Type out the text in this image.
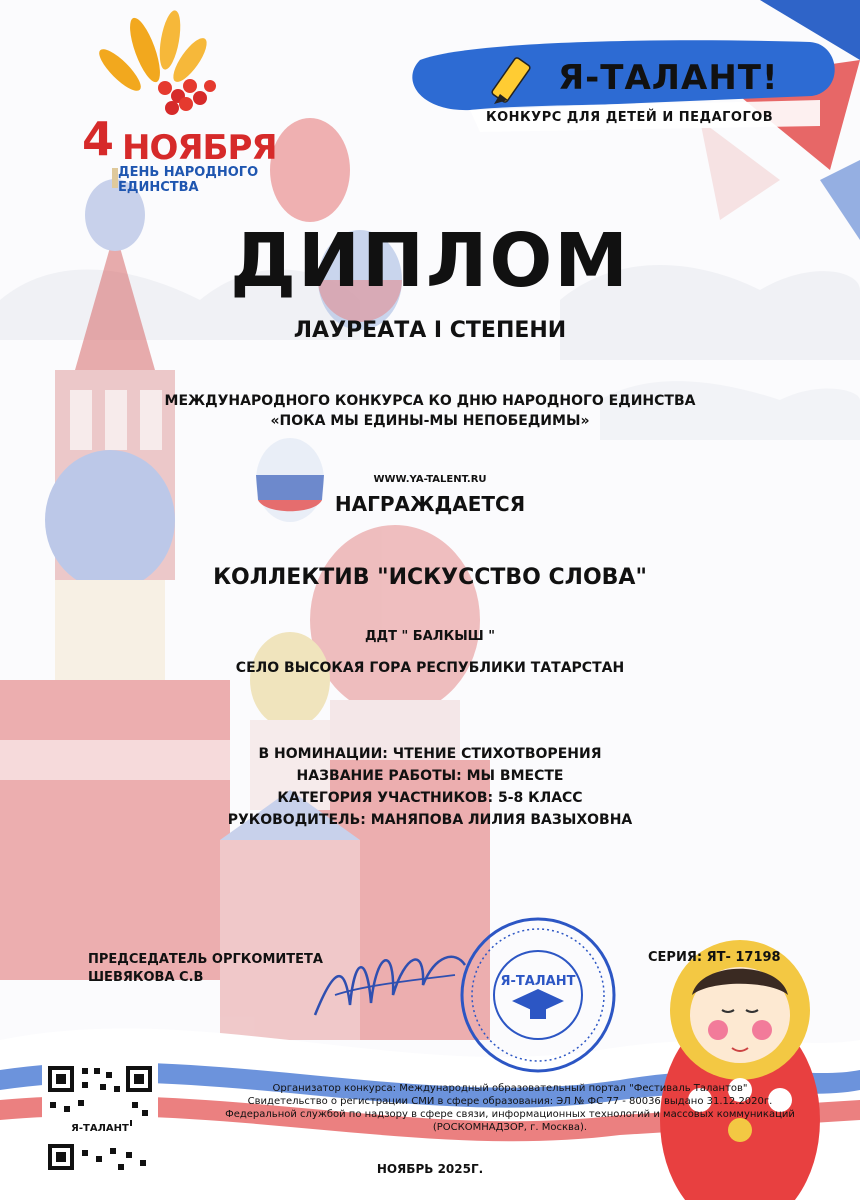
4 НОЯБРЯ
ДЕНЬ НАРОДНОГО ЕДИНСТВА
Я-ТАЛАНТ!
КОНКУРС ДЛЯ ДЕТЕЙ И ПЕДАГОГОВ
ДИПЛОМ
ЛАУРЕАТА I СТЕПЕНИ
МЕЖДУНАРОДНОГО КОНКУРСА КО ДНЮ НАРОДНОГО ЕДИНСТВА
«ПОКА МЫ ЕДИНЫ-МЫ НЕПОБЕДИМЫ»
WWW.YA-TALENT.RU
НАГРАЖДАЕТСЯ
КОЛЛЕКТИВ "ИСКУССТВО СЛОВА"
ДДТ " БАЛКЫШ "
СЕЛО ВЫСОКАЯ ГОРА РЕСПУБЛИКИ ТАТАРСТАН
В НОМИНАЦИИ: ЧТЕНИЕ СТИХОТВОРЕНИЯ
НАЗВАНИЕ РАБОТЫ: МЫ ВМЕСТЕ
КАТЕГОРИЯ УЧАСТНИКОВ: 5-8 КЛАСС
РУКОВОДИТЕЛЬ: МАНЯПОВА ЛИЛИЯ ВАЗЫХОВНА
ПРЕДСЕДАТЕЛЬ ОРГКОМИТЕТА
ШЕВЯКОВА С.В
СЕРИЯ: ЯТ- 17198
Я-ТАЛАНТ
Я-ТАЛАНТ
Организатор конкурса: Международный образовательный портал "Фестиваль Талантов"
Свидетельство о регистрации СМИ в сфере образования: ЭЛ № ФС 77 - 80036 выдано 31.12.2020г.
Федеральной службой по надзору в сфере связи, информационных технологий и массовых коммуникаций
(РОСКОМНАДЗОР, г. Москва).
НОЯБРЬ 2025Г.
